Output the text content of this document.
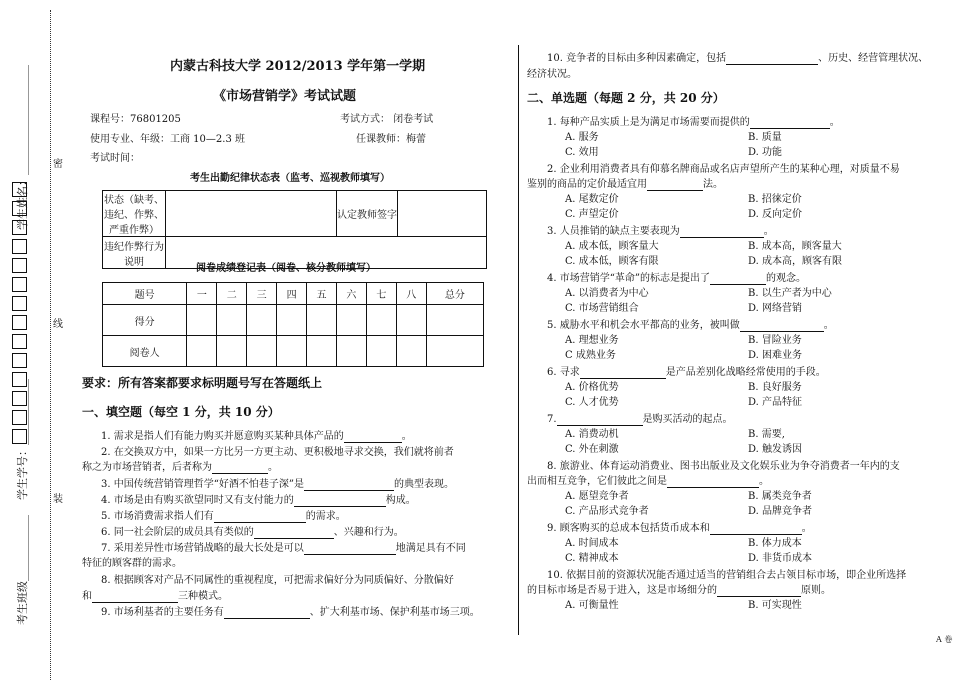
学生姓名：____________________
学生学号：____________
考生班级____________
密
线
装
内蒙古科技大学 2012/2013 学年第一学期
《市场营销学》考试试题
课程号：76801205	考试方式： 闭卷考试
使用专业、年级：工商 10—2.3 班	任课教师：梅蕾
考试时间：
考生出勤纪律状态表（监考、巡视教师填写）
状态（缺考、违纪、作弊、严重作弊）		认定教师签字	
违纪作弊行为说明			
阅卷成绩登记表（阅卷、核分教师填写）
题号	一	二	三	四	五	六	七	八	总分
得分									
阅卷人									
要求：所有答案都要求标明题号写在答题纸上
一、填空题（每空 1 分，共 10 分）
1. 需求是指人们有能力购买并愿意购买某种具体产品的	。
2. 在交换双方中，如果一方比另一方更主动、更积极地寻求交换，我们就将前者
称之为市场营销者，后者称为	。
3. 中国传统营销管理哲学“好酒不怕巷子深”是	的典型表现。
4. 市场是由有购买欲望同时又有支付能力的	构成。
5. 市场消费需求指人们有	的需求。
6. 同一社会阶层的成员具有类似的	、兴趣和行为。
7. 采用差异性市场营销战略的最大长处是可以	地满足具有不同
特征的顾客群的需求。
8. 根据顾客对产品不同属性的重视程度，可把需求偏好分为同质偏好、分散偏好
和	三种模式。
9. 市场利基者的主要任务有	、扩大利基市场、保护利基市场三项。
10. 竞争者的目标由多种因素确定，包括	、历史、经营管理状况、
经济状况。
二、单选题（每题 2 分，共 20 分）
1. 每种产品实质上是为满足市场需要而提供的	。
A. 服务	B. 质量
C. 效用	D. 功能
2. 企业利用消费者具有仰慕名牌商品或名店声望所产生的某种心理，对质量不易
鉴别的商品的定价最适宜用	法。
A. 尾数定价	B. 招徕定价
C. 声望定价	D. 反向定价
3. 人员推销的缺点主要表现为	。
A. 成本低，顾客量大	B. 成本高，顾客量大
C. 成本低，顾客有限	D. 成本高，顾客有限
4. 市场营销学“革命”的标志是提出了	的观念。
A. 以消费者为中心	B. 以生产者为中心
C. 市场营销组合	D. 网络营销
5. 威胁水平和机会水平都高的业务，被叫做	。
A. 理想业务	B. 冒险业务
C 成熟业务	D. 困难业务
6. 寻求	是产品差别化战略经常使用的手段。
A. 价格优势	B. 良好服务
C. 人才优势	D. 产品特征
7.	是购买活动的起点。
A. 消费动机	B. 需要,
C. 外在刺激	D. 触发诱因
8. 旅游业、体育运动消费业、图书出版业及文化娱乐业为争夺消费者一年内的支
出而相互竞争，它们彼此之间是	。
A. 愿望竞争者	B. 属类竞争者
C. 产品形式竞争者	D. 品牌竞争者
9. 顾客购买的总成本包括货币成本和	。
A. 时间成本	B. 体力成本
C. 精神成本	D. 非货币成本
10. 依据目前的资源状况能否通过适当的营销组合去占领目标市场，即企业所选择
的目标市场是否易于进入，这是市场细分的	原则。
A. 可衡量性	B. 可实现性
A 卷
